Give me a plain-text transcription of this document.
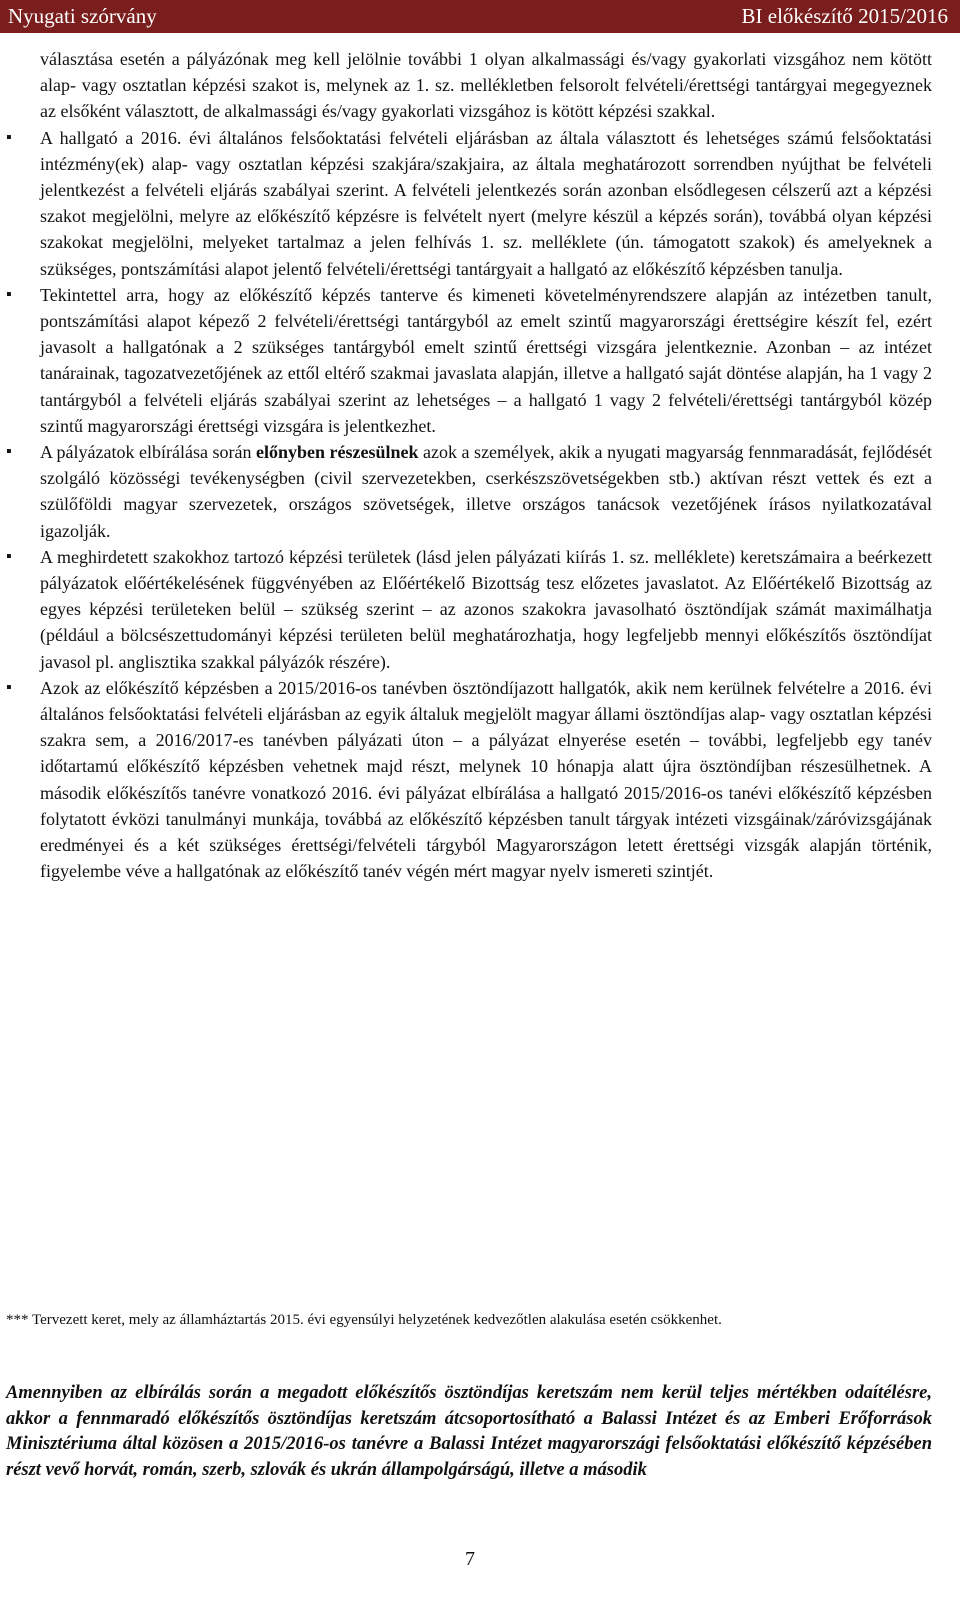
Nyugati szórvány	BI előkészítő 2015/2016

választása esetén a pályázónak meg kell jelölnie további 1 olyan alkalmassági és/vagy gyakorlati vizsgához nem kötött alap- vagy osztatlan képzési szakot is, melynek az 1. sz. mellékletben felsorolt felvételi/érettségi tantárgyai megegyeznek az elsőként választott, de alkalmassági és/vagy gyakorlati vizsgához is kötött képzési szakkal.

▪ A hallgató a 2016. évi általános felsőoktatási felvételi eljárásban az általa választott és lehetséges számú felsőoktatási intézmény(ek) alap- vagy osztatlan képzési szakjára/szakjaira, az általa meghatározott sorrendben nyújthat be felvételi jelentkezést a felvételi eljárás szabályai szerint. A felvételi jelentkezés során azonban elsődlegesen célszerű azt a képzési szakot megjelölni, melyre az előkészítő képzésre is felvételt nyert (melyre készül a képzés során), továbbá olyan képzési szakokat megjelölni, melyeket tartalmaz a jelen felhívás 1. sz. melléklete (ún. támogatott szakok) és amelyeknek a szükséges, pontszámítási alapot jelentő felvételi/érettségi tantárgyait a hallgató az előkészítő képzésben tanulja.

▪ Tekintettel arra, hogy az előkészítő képzés tanterve és kimeneti követelményrendszere alapján az intézetben tanult, pontszámítási alapot képező 2 felvételi/érettségi tantárgyból az emelt szintű magyarországi érettségire készít fel, ezért javasolt a hallgatónak a 2 szükséges tantárgyból emelt szintű érettségi vizsgára jelentkeznie. Azonban – az intézet tanárainak, tagozatvezetőjének az ettől eltérő szakmai javaslata alapján, illetve a hallgató saját döntése alapján, ha 1 vagy 2 tantárgyból a felvételi eljárás szabályai szerint az lehetséges – a hallgató 1 vagy 2 felvételi/érettségi tantárgyból közép szintű magyarországi érettségi vizsgára is jelentkezhet.

▪ A pályázatok elbírálása során előnyben részesülnek azok a személyek, akik a nyugati magyarság fennmaradását, fejlődését szolgáló közösségi tevékenységben (civil szervezetekben, cserkészszövetségekben stb.) aktívan részt vettek és ezt a szülőföldi magyar szervezetek, országos szövetségek, illetve országos tanácsok vezetőjének írásos nyilatkozatával igazolják.

▪ A meghirdetett szakokhoz tartozó képzési területek (lásd jelen pályázati kiírás 1. sz. melléklete) keretszámaira a beérkezett pályázatok előértékelésének függvényében az Előértékelő Bizottság tesz előzetes javaslatot. Az Előértékelő Bizottság az egyes képzési területeken belül – szükség szerint – az azonos szakokra javasolható ösztöndíjak számát maximálhatja (például a bölcsészettudományi képzési területen belül meghatározhatja, hogy legfeljebb mennyi előkészítős ösztöndíjat javasol pl. anglisztika szakkal pályázók részére).

▪ Azok az előkészítő képzésben a 2015/2016-os tanévben ösztöndíjazott hallgatók, akik nem kerülnek felvételre a 2016. évi általános felsőoktatási felvételi eljárásban az egyik általuk megjelölt magyar állami ösztöndíjas alap- vagy osztatlan képzési szakra sem, a 2016/2017-es tanévben pályázati úton – a pályázat elnyerése esetén – további, legfeljebb egy tanév időtartamú előkészítő képzésben vehetnek majd részt, melynek 10 hónapja alatt újra ösztöndíjban részesülhetnek. A második előkészítős tanévre vonatkozó 2016. évi pályázat elbírálása a hallgató 2015/2016-os tanévi előkészítő képzésben folytatott évközi tanulmányi munkája, továbbá az előkészítő képzésben tanult tárgyak intézeti vizsgáinak/záróvizsgájának eredményei és a két szükséges érettségi/felvételi tárgyból Magyarországon letett érettségi vizsgák alapján történik, figyelembe véve a hallgatónak az előkészítő tanév végén mért magyar nyelv ismereti szintjét.

*** Tervezett keret, mely az államháztartás 2015. évi egyensúlyi helyzetének kedvezőtlen alakulása esetén csökkenhet.
Amennyiben az elbírálás során a megadott előkészítős ösztöndíjas keretszám nem kerül teljes mértékben odaítélésre, akkor a fennmaradó előkészítős ösztöndíjas keretszám átcsoportosítható a Balassi Intézet és az Emberi Erőforrások Minisztériuma által közösen a 2015/2016-os tanévre a Balassi Intézet magyarországi felsőoktatási előkészítő képzésében részt vevő horvát, román, szerb, szlovák és ukrán állampolgárságú, illetve a második
7
